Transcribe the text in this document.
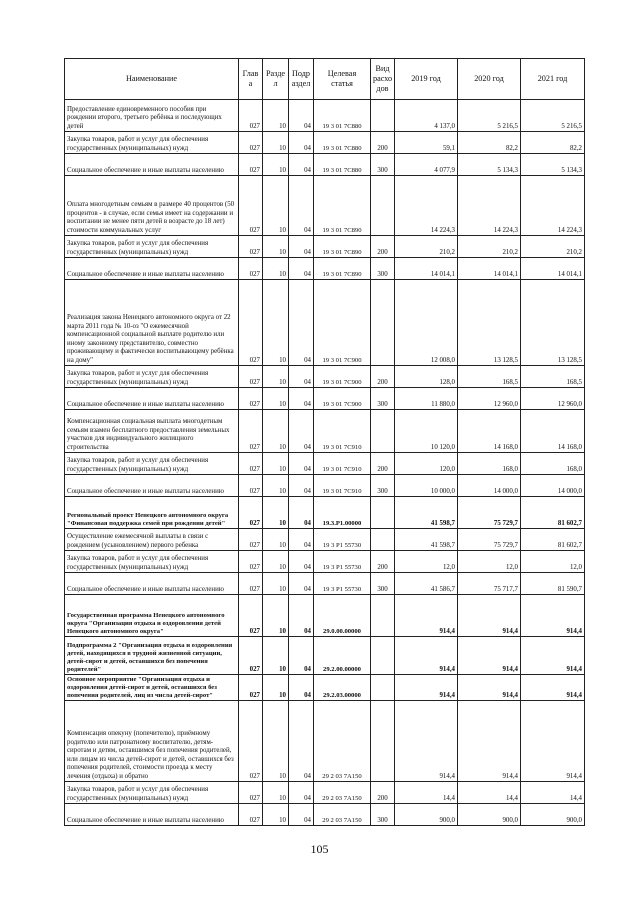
Наименование	Глав а	Разде л	Подр аздел	Целевая статья	Вид расхо дов	2019 год	2020 год	2021 год
Предоставление единовременного пособия при рождении второго, третьего ребёнка и последующих детей	027	10	04	19 3 01 7С880		4 137,0	5 216,5	5 216,5
Закупка товаров, работ и услуг для обеспечения государственных (муниципальных) нужд	027	10	04	19 3 01 7С880	200	59,1	82,2	82,2
Социальное обеспечение и иные выплаты населению	027	10	04	19 3 01 7С880	300	4 077,9	5 134,3	5 134,3
Оплата многодетным семьям в размере 40 процентов (50 процентов - в случае, если семья имеет на содержании и воспитании не менее пяти детей в возрасте до 18 лет) стоимости коммунальных услуг	027	10	04	19 3 01 7С890		14 224,3	14 224,3	14 224,3
Закупка товаров, работ и услуг для обеспечения государственных (муниципальных) нужд	027	10	04	19 3 01 7С890	200	210,2	210,2	210,2
Социальное обеспечение и иные выплаты населению	027	10	04	19 3 01 7С890	300	14 014,1	14 014,1	14 014,1
Реализация закона Ненецкого автономного округа от 22 марта 2011 года № 10-оз "О ежемесячной компенсационной социальной выплате родителю или иному законному представителю, совместно проживающему и фактически воспитывающему ребёнка на дому"	027	10	04	19 3 01 7С900		12 008,0	13 128,5	13 128,5
Закупка товаров, работ и услуг для обеспечения государственных (муниципальных) нужд	027	10	04	19 3 01 7С900	200	128,0	168,5	168,5
Социальное обеспечение и иные выплаты населению	027	10	04	19 3 01 7С900	300	11 880,0	12 960,0	12 960,0
Компенсационная социальная выплата многодетным семьям взамен бесплатного предоставления земельных участков для индивидуального жилищного строительства	027	10	04	19 3 01 7С910		10 120,0	14 168,0	14 168,0
Закупка товаров, работ и услуг для обеспечения государственных (муниципальных) нужд	027	10	04	19 3 01 7С910	200	120,0	168,0	168,0
Социальное обеспечение и иные выплаты населению	027	10	04	19 3 01 7С910	300	10 000,0	14 000,0	14 000,0
Региональный проект Ненецкого автономного округа "Финансовая поддержка семей при рождении детей"	027	10	04	19.3.Р1.00000		41 598,7	75 729,7	81 602,7
Осуществление ежемесячной выплаты в связи с рождением (усыновлением) первого ребенка	027	10	04	19 3 Р1 55730		41 598,7	75 729,7	81 602,7
Закупка товаров, работ и услуг для обеспечения государственных (муниципальных) нужд	027	10	04	19 3 Р1 55730	200	12,0	12,0	12,0
Социальное обеспечение и иные выплаты населению	027	10	04	19 3 Р1 55730	300	41 586,7	75 717,7	81 590,7
Государственная программа Ненецкого автономного округа "Организация отдыха и оздоровления детей Ненецкого автономного округа"	027	10	04	29.0.00.00000		914,4	914,4	914,4
Подпрограмма 2 "Организация отдыха и оздоровления детей, находящихся в трудной жизненной ситуации, детей-сирот и детей, оставшихся без попечения родителей"	027	10	04	29.2.00.00000		914,4	914,4	914,4
Основное мероприятие "Организация отдыха и оздоровления детей-сирот и детей, оставшихся без попечения родителей, лиц из числа детей-сирот"	027	10	04	29.2.03.00000		914,4	914,4	914,4
Компенсация опекуну (попечителю), приёмному родителю или патронатному воспитателю, детям-сиротам и детям, оставшимся без попечения родителей, или лицам из числа детей-сирот и детей, оставшихся без попечения родителей, стоимости проезда к месту лечения (отдыха) и обратно	027	10	04	29 2 03 7А150		914,4	914,4	914,4
Закупка товаров, работ и услуг для обеспечения государственных (муниципальных) нужд	027	10	04	29 2 03 7А150	200	14,4	14,4	14,4
Социальное обеспечение и иные выплаты населению	027	10	04	29 2 03 7А150	300	900,0	900,0	900,0
105
